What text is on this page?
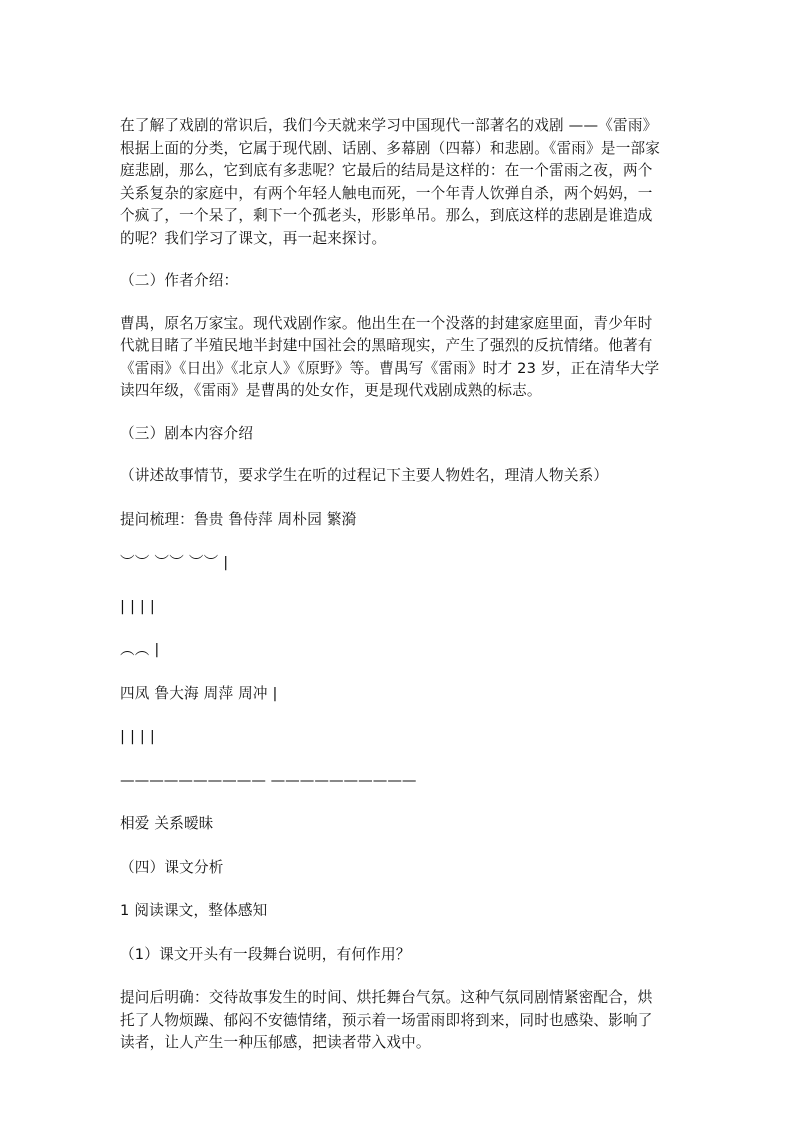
在了解了戏剧的常识后，我们今天就来学习中国现代一部著名的戏剧 ——《雷雨》

根据上面的分类，它属于现代剧、话剧、多幕剧（四幕）和悲剧。《雷雨》是一部家

庭悲剧，那么，它到底有多悲呢？它最后的结局是这样的：在一个雷雨之夜，两个

关系复杂的家庭中，有两个年轻人触电而死，一个年青人饮弹自杀，两个妈妈，一

个疯了，一个呆了，剩下一个孤老头，形影单吊。那么，到底这样的悲剧是谁造成

的呢？我们学习了课文，再一起来探讨。

（二）作者介绍：

曹禺，原名万家宝。现代戏剧作家。他出生在一个没落的封建家庭里面，青少年时

代就目睹了半殖民地半封建中国社会的黑暗现实，产生了强烈的反抗情绪。他著有

《雷雨》《日出》《北京人》《原野》等。曹禺写《雷雨》时才 23 岁，正在清华大学

读四年级，《雷雨》是曹禺的处女作，更是现代戏剧成熟的标志。

（三）剧本内容介绍

（讲述故事情节，要求学生在听的过程记下主要人物姓名，理清人物关系）

提问梳理：鲁贵 鲁侍萍 周朴园 繁漪

︶︶ ︶︶ ︶︶ |

| | | |

︵︵ |

四凤 鲁大海 周萍 周冲 |

| | | |

—————————— ——————————

相爱 关系暧昧

（四）课文分析

1 阅读课文，整体感知

（1）课文开头有一段舞台说明，有何作用？

提问后明确：交待故事发生的时间、烘托舞台气氛。这种气氛同剧情紧密配合，烘

托了人物烦躁、郁闷不安德情绪，预示着一场雷雨即将到来，同时也感染、影响了

读者，让人产生一种压郁感，把读者带入戏中。
